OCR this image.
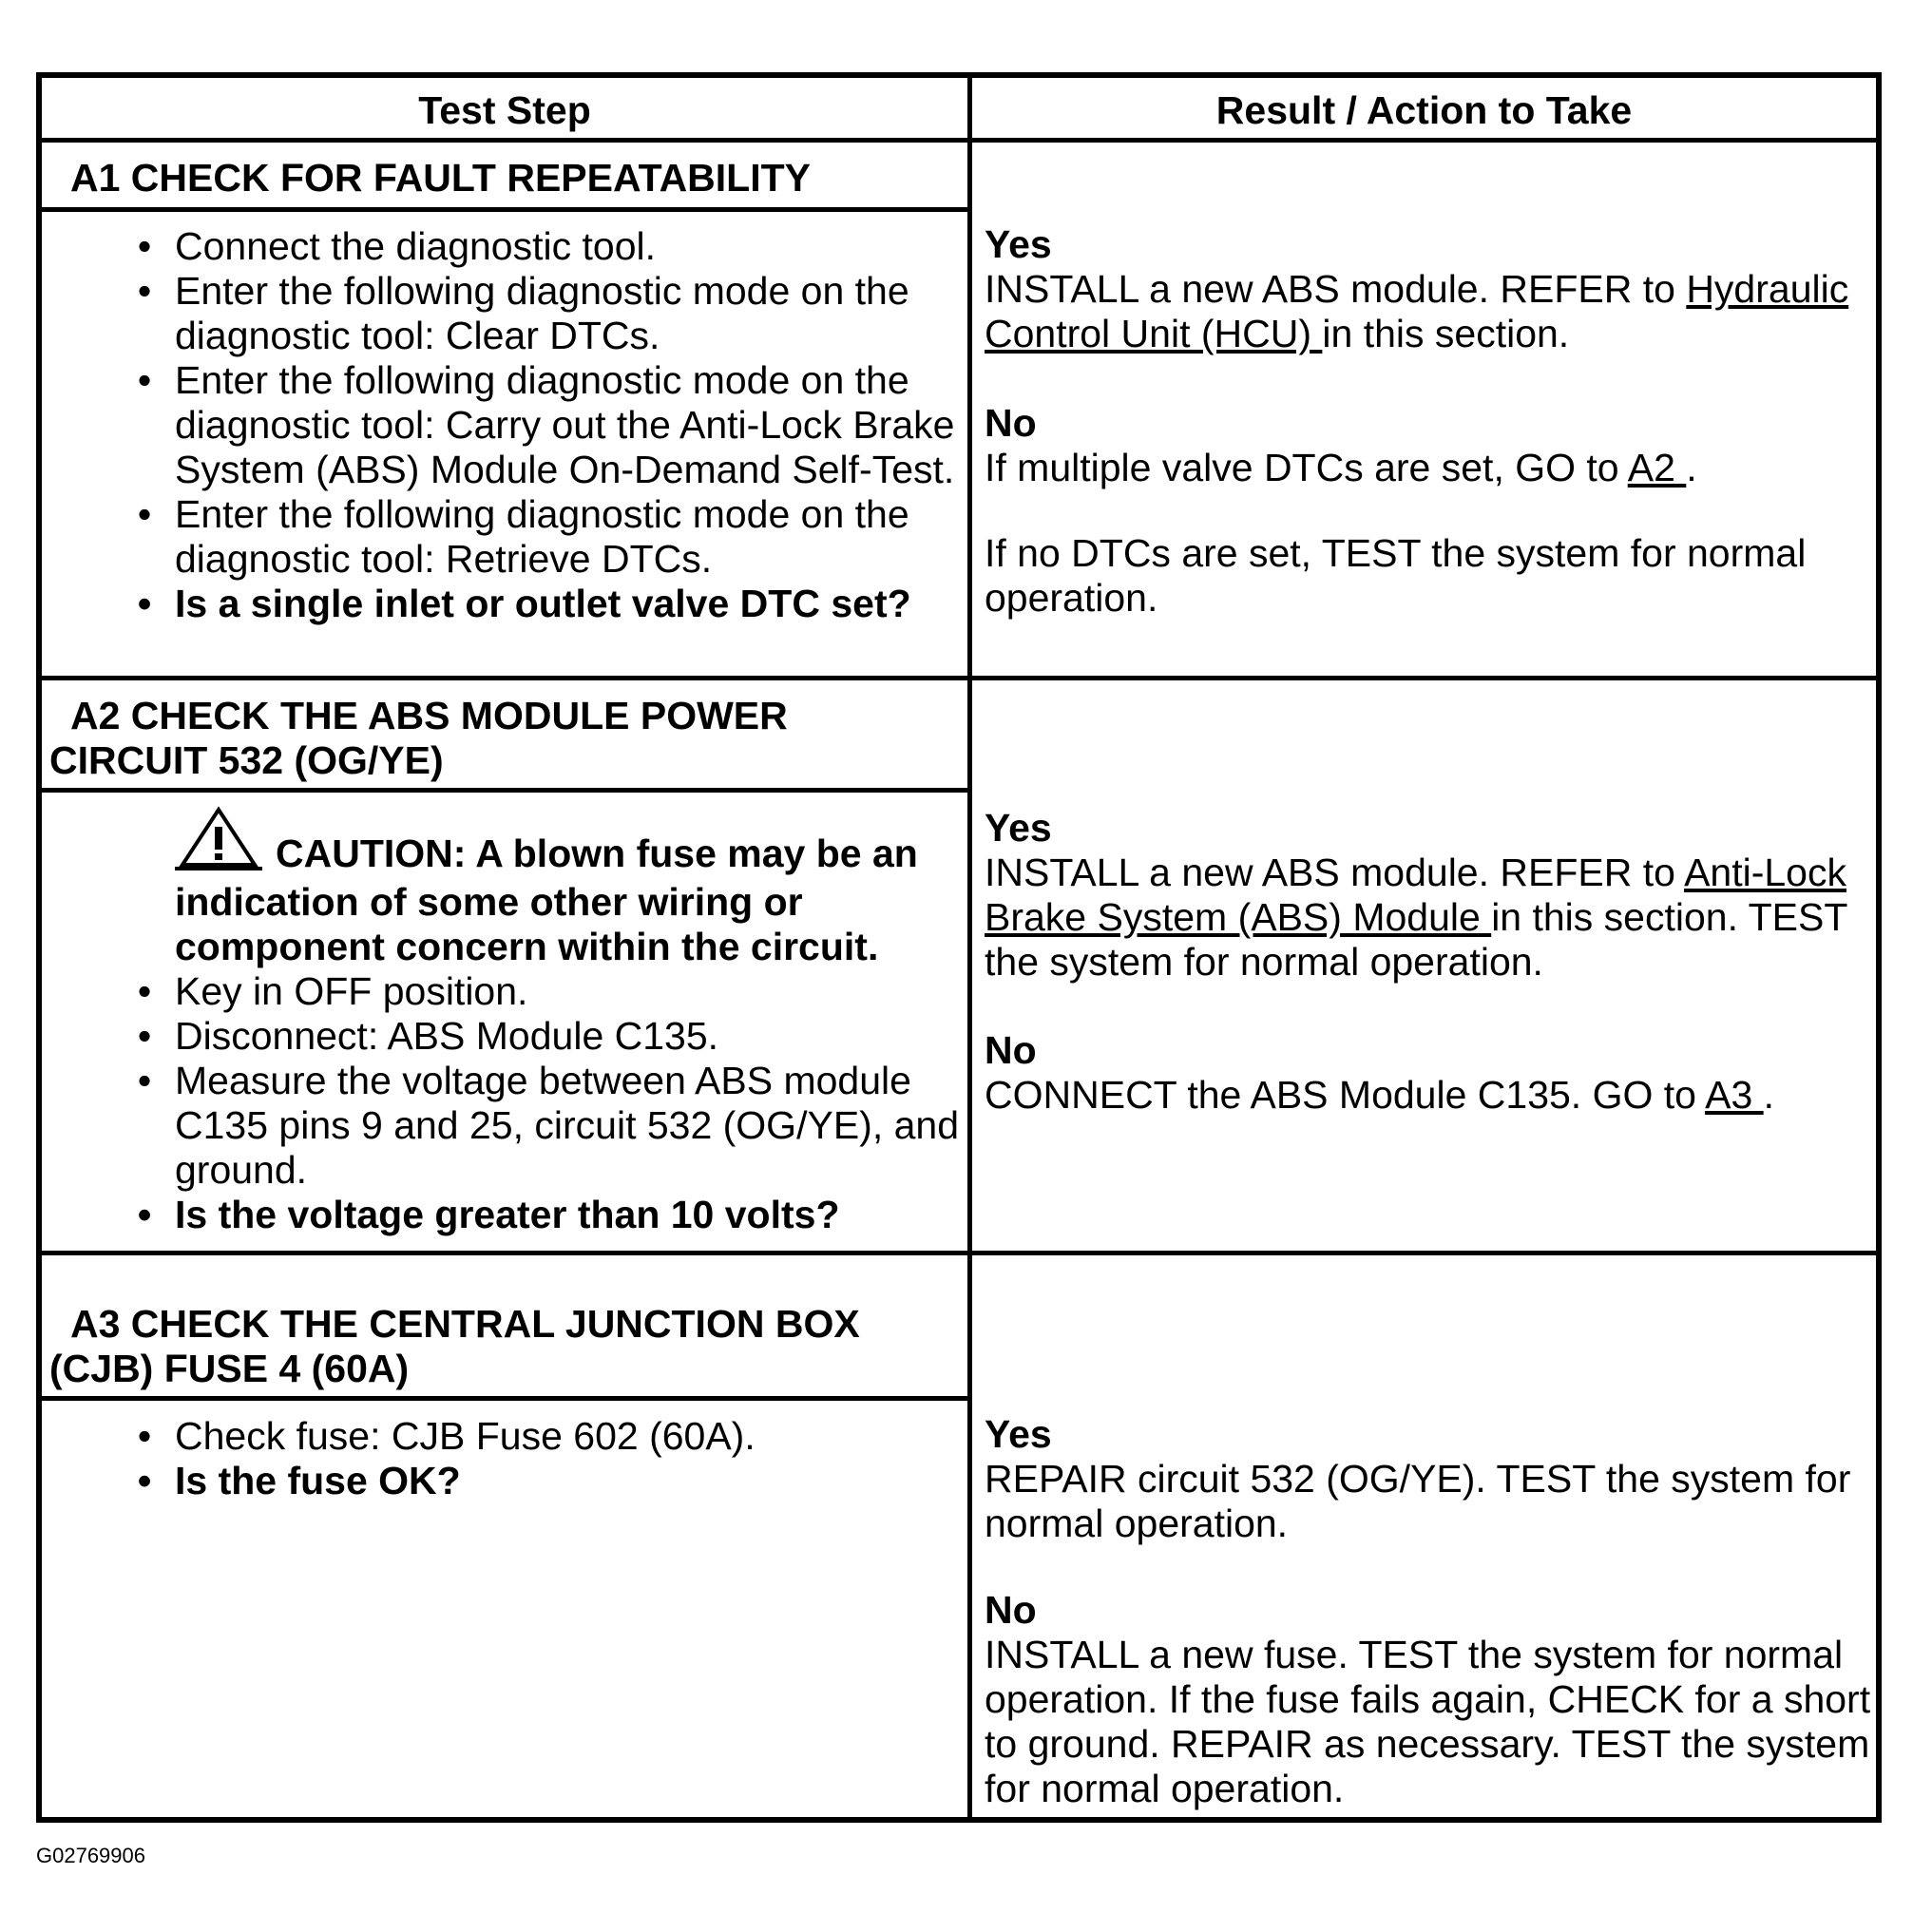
Test Step	Result / Action to Take
A1 CHECK FOR FAULT REPEATABILITY
• Connect the diagnostic tool.
• Enter the following diagnostic mode on the diagnostic tool: Clear DTCs.
• Enter the following diagnostic mode on the diagnostic tool: Carry out the Anti-Lock Brake System (ABS) Module On-Demand Self-Test.
• Enter the following diagnostic mode on the diagnostic tool: Retrieve DTCs.
• Is a single inlet or outlet valve DTC set?
Yes
INSTALL a new ABS module. REFER to Hydraulic Control Unit (HCU) in this section.
No
If multiple valve DTCs are set, GO to A2 .
If no DTCs are set, TEST the system for normal operation.
A2 CHECK THE ABS MODULE POWER CIRCUIT 532 (OG/YE)
CAUTION: A blown fuse may be an indication of some other wiring or component concern within the circuit.
• Key in OFF position.
• Disconnect: ABS Module C135.
• Measure the voltage between ABS module C135 pins 9 and 25, circuit 532 (OG/YE), and ground.
• Is the voltage greater than 10 volts?
Yes
INSTALL a new ABS module. REFER to Anti-Lock Brake System (ABS) Module in this section. TEST the system for normal operation.
No
CONNECT the ABS Module C135. GO to A3 .
A3 CHECK THE CENTRAL JUNCTION BOX (CJB) FUSE 4 (60A)
• Check fuse: CJB Fuse 602 (60A).
• Is the fuse OK?
Yes
REPAIR circuit 532 (OG/YE). TEST the system for normal operation.
No
INSTALL a new fuse. TEST the system for normal operation. If the fuse fails again, CHECK for a short to ground. REPAIR as necessary. TEST the system for normal operation.
G02769906
